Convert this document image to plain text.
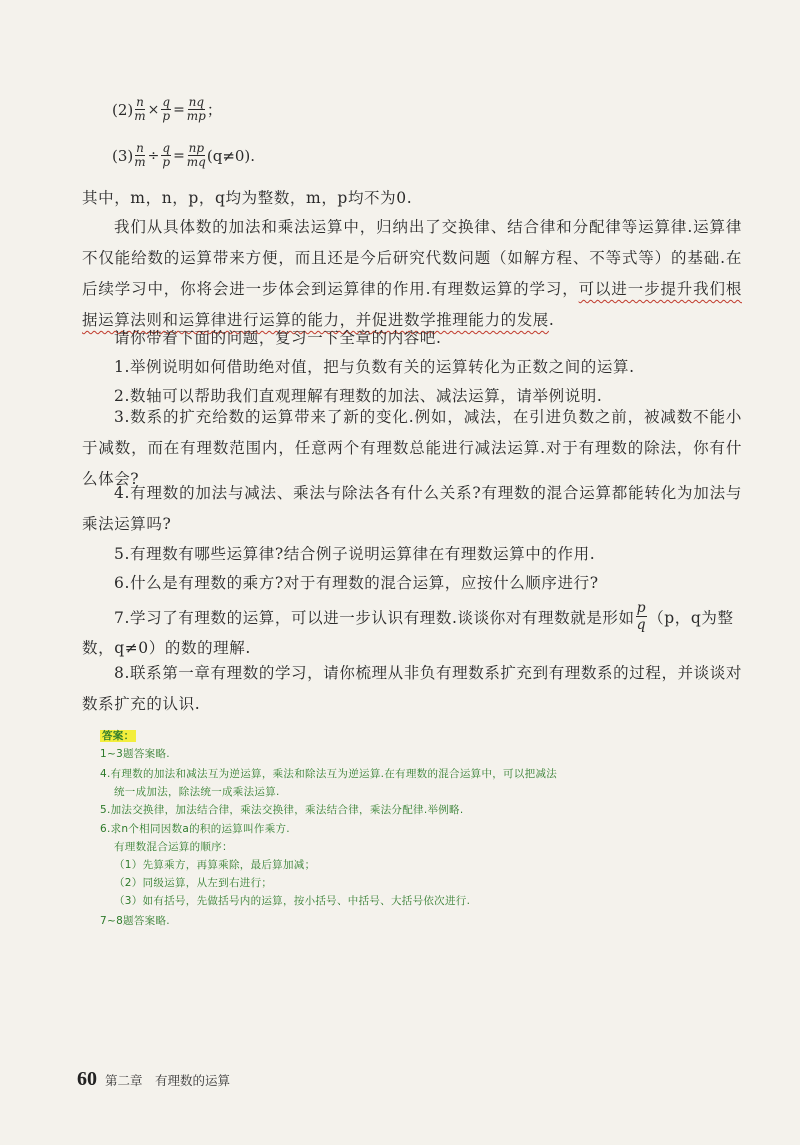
$(2) \frac{n}{m} \times \frac{q}{p} = \frac{nq}{mp}$ ；
$(3) \frac{n}{m} \div \frac{q}{p} = \frac{np}{mq} (q\ne 0)$.
其中，m，n，p，q均为整数，m，p均不为0.
我们从具体数的加法和乘法运算中，归纳出了交换律、结合律和分配律等运算律.运算律不仅能给数的运算带来方便，而且还是今后研究代数问题（如解方程、不等式等）的基础.在后续学习中，你将会进一步体会到运算律的作用.有理数运算的学习，可以进一步提升我们根据运算法则和运算律进行运算的能力，并促进数学推理能力的发展.
请你带着下面的问题，复习一下全章的内容吧.
1.举例说明如何借助绝对值，把与负数有关的运算转化为正数之间的运算.
2.数轴可以帮助我们直观理解有理数的加法、减法运算，请举例说明.
3.数系的扩充给数的运算带来了新的变化.例如，减法，在引进负数之前，被减数不能小于减数，而在有理数范围内，任意两个有理数总能进行减法运算.对于有理数的除法，你有什么体会?
4.有理数的加法与减法、乘法与除法各有什么关系?有理数的混合运算都能转化为加法与乘法运算吗?
5.有理数有哪些运算律?结合例子说明运算律在有理数运算中的作用.
6.什么是有理数的乘方?对于有理数的混合运算，应按什么顺序进行?
7.学习了有理数的运算，可以进一步认识有理数.谈谈你对有理数就是形如 $\frac{p}{q} (p$，q为整
数，q≠0）的数的理解.
8.联系第一章有理数的学习，请你梳理从非负有理数系扩充到有理数系的过程，并谈谈对数系扩充的认识.
答案：
1~3题答案略.
4.有理数的加法和减法互为逆运算，乘法和除法互为逆运算.在有理数的混合运算中，可以把减法
统一成加法，除法统一成乘法运算.
5.加法交换律，加法结合律，乘法交换律，乘法结合律，乘法分配律.举例略.
6.求n个相同因数a的积的运算叫作乘方.
有理数混合运算的顺序：
（1）先算乘方，再算乘除，最后算加减；
（2）同级运算，从左到右进行；
（3）如有括号，先做括号内的运算，按小括号、中括号、大括号依次进行.
7~8题答案略.
60 第二章　有理数的运算
